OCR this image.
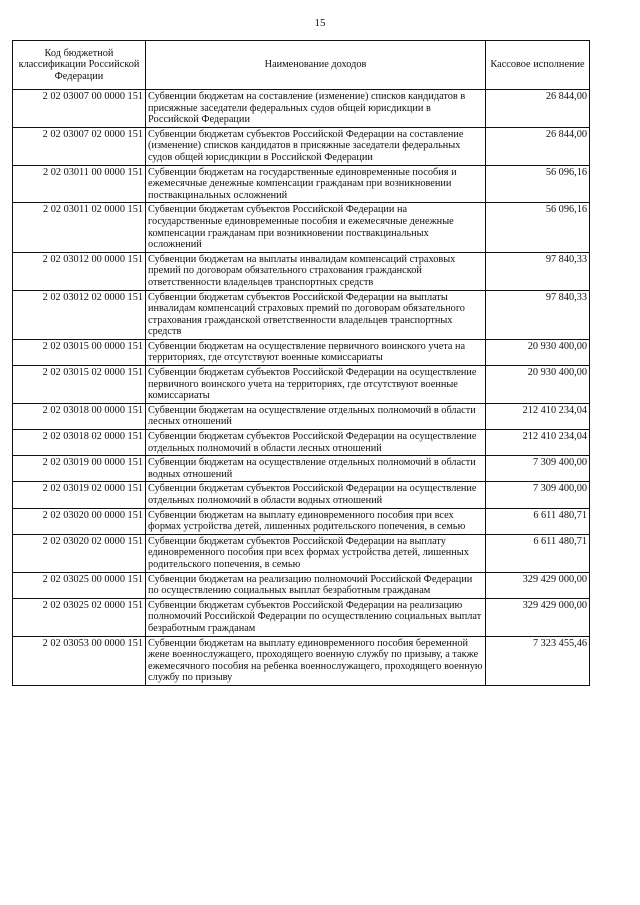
15
Код бюджетной классификации Российской Федерации	Наименование доходов	Кассовое исполнение
2 02 03007 00 0000 151	Субвенции бюджетам на составление (изменение) списков кандидатов в присяжные заседатели федеральных судов общей юрисдикции в Российской Федерации	26 844,00
2 02 03007 02 0000 151	Субвенции бюджетам субъектов Российской Федерации на составление (изменение) списков кандидатов в присяжные заседатели федеральных судов общей юрисдикции в Российской Федерации	26 844,00
2 02 03011 00 0000 151	Субвенции бюджетам на государственные единовременные пособия и ежемесячные денежные компенсации гражданам при возникновении поствакцинальных осложнений	56 096,16
2 02 03011 02 0000 151	Субвенции бюджетам субъектов Российской Федерации на государственные единовременные пособия и ежемесячные денежные компенсации гражданам при возникновении поствакцинальных осложнений	56 096,16
2 02 03012 00 0000 151	Субвенции бюджетам на выплаты инвалидам компенсаций страховых премий по договорам обязательного страхования гражданской ответственности владельцев транспортных средств	97 840,33
2 02 03012 02 0000 151	Субвенции бюджетам субъектов Российской Федерации на выплаты инвалидам компенсаций страховых премий по договорам обязательного страхования гражданской ответственности владельцев транспортных средств	97 840,33
2 02 03015 00 0000 151	Субвенции бюджетам на осуществление первичного воинского учета на территориях, где отсутствуют военные комиссариаты	20 930 400,00
2 02 03015 02 0000 151	Субвенции бюджетам субъектов Российской Федерации на осуществление первичного воинского учета на территориях, где отсутствуют военные комиссариаты	20 930 400,00
2 02 03018 00 0000 151	Субвенции бюджетам на осуществление отдельных полномочий в области лесных отношений	212 410 234,04
2 02 03018 02 0000 151	Субвенции бюджетам субъектов Российской Федерации на осуществление отдельных полномочий в области лесных отношений	212 410 234,04
2 02 03019 00 0000 151	Субвенции бюджетам на осуществление отдельных полномочий в области водных отношений	7 309 400,00
2 02 03019 02 0000 151	Субвенции бюджетам субъектов Российской Федерации на осуществление отдельных полномочий в области водных отношений	7 309 400,00
2 02 03020 00 0000 151	Субвенции бюджетам на выплату единовременного пособия при всех формах устройства детей, лишенных родительского попечения, в семью	6 611 480,71
2 02 03020 02 0000 151	Субвенции бюджетам субъектов Российской Федерации на выплату единовременного пособия при всех формах устройства детей, лишенных родительского попечения, в семью	6 611 480,71
2 02 03025 00 0000 151	Субвенции бюджетам на реализацию полномочий Российской Федерации по осуществлению социальных выплат безработным гражданам	329 429 000,00
2 02 03025 02 0000 151	Субвенции бюджетам субъектов Российской Федерации на реализацию полномочий Российской Федерации по осуществлению социальных выплат безработным гражданам	329 429 000,00
2 02 03053 00 0000 151	Субвенции бюджетам на выплату единовременного пособия беременной жене военнослужащего, проходящего военную службу по призыву, а также ежемесячного пособия на ребенка военнослужащего, проходящего военную службу по призыву	7 323 455,46
